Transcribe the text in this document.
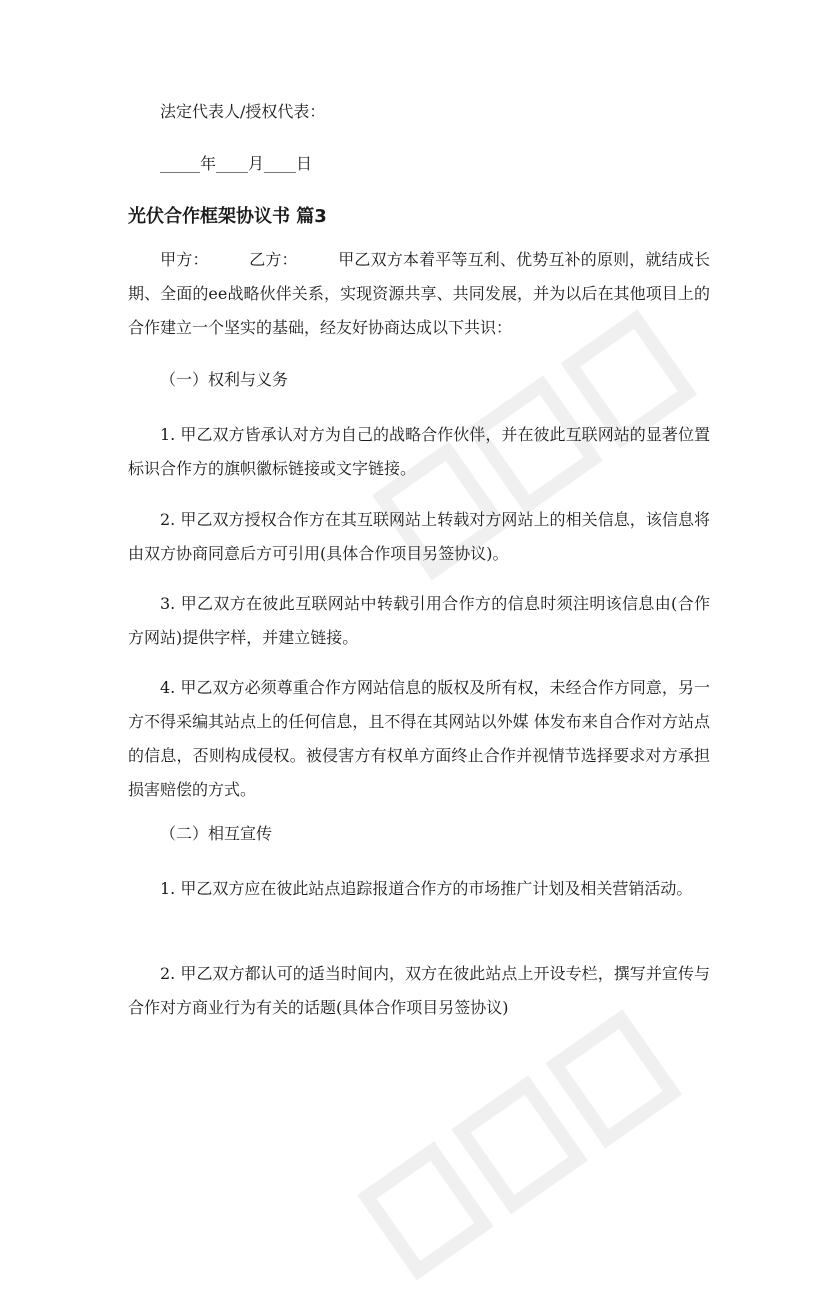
法定代表人/授权代表：
_____年____月____日
光伏合作框架协议书 篇3
甲方：　　　乙方：　　　甲乙双方本着平等互利、优势互补的原则，就结成长期、全面的ee战略伙伴关系，实现资源共享、共同发展，并为以后在其他项目上的合作建立一个坚实的基础，经友好协商达成以下共识：
（一）权利与义务
1. 甲乙双方皆承认对方为自己的战略合作伙伴，并在彼此互联网站的显著位置标识合作方的旗帜徽标链接或文字链接。
2. 甲乙双方授权合作方在其互联网站上转载对方网站上的相关信息，该信息将由双方协商同意后方可引用(具体合作项目另签协议)。
3. 甲乙双方在彼此互联网站中转载引用合作方的信息时须注明该信息由(合作方网站)提供字样，并建立链接。
4. 甲乙双方必须尊重合作方网站信息的版权及所有权，未经合作方同意，另一方不得采编其站点上的任何信息，且不得在其网站以外媒 体发布来自合作对方站点的信息，否则构成侵权。被侵害方有权单方面终止合作并视情节选择要求对方承担损害赔偿的方式。
（二）相互宣传
1. 甲乙双方应在彼此站点追踪报道合作方的市场推广计划及相关营销活动。
2. 甲乙双方都认可的适当时间内，双方在彼此站点上开设专栏，撰写并宣传与合作对方商业行为有关的话题(具体合作项目另签协议)
